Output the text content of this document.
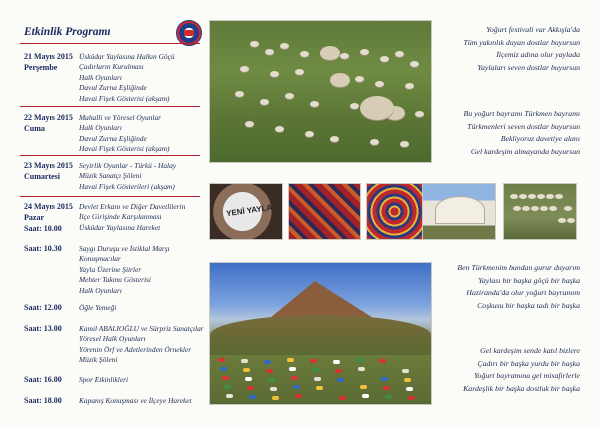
Etkinlik Programı
21 Mayıs 2015
Perşembe
Üsküdar Yaylasına Halkın Göçü
Çadırların Kurulması
Halk Oyunları
Davul Zurna Eşliğinde
Havai Fişek Gösterisi (akşam)
22 Mayıs 2015
Cuma
Mahalli ve Yöresel Oyunlar
Halk Oyunları
Davul Zurna Eşliğinde
Havai Fişek Gösterisi (akşam)
23 Mayıs 2015
Cumartesi
Seyirlik Oyunlar - Türkü - Halay
Müzik Sanatçı Şöleni
Havai Fişek Gösterileri (akşam)
24 Mayıs 2015
Pazar
Devlet Erkanı ve Diğer Davetlilerin
İlçe Girişinde Karşılanması
Saat: 10.00 Üsküdar Yaylasına Hareket
Saat: 10.30 Saygı Duruşu ve İstiklal Marşı
Konuşmacılar
Yayla Üzerine Şiirler
Mehter Takımı Gösterisi
Halk Oyunları
Saat: 12.00 Öğle Yemeği
Saat: 13.00 Kamil ABALIOĞLU ve Sürpriz Sanatçılar
Yöresel Halk Oyunları
Yörenin Örf ve Adetlerinden Örnekler
Müzik Şöleni
Saat: 16.00 Spor Etkinlikleri
Saat: 18.00 Kapanış Konuşması ve İlçeye Hareket
YENİ YAYLA
Yoğurt festivali var Akkışla'da
Tüm yakınlık duyan dostlar buyursun
İlçemiz adına olur yaylada
Yaylaları seven dostlar buyursun
Bu yoğurt bayramı Türkmen bayramı
Türkmenleri seven dostlar buyursun
Bekliyoruz davetiye alanı
Gel kardeşim almayanda buyursun
Ben Türkmenim bundan gurur duyarım
Yaylası bir başka göçü bir başka
Haziranda'da olur yoğurt bayramım
Coşkusu bir başka tadı bir başka
Gel kardeşim sende katıl bizlere
Çadırı bir başka yurdu bir başka
Yoğurt bayramına gel misafirlerle
Kardeşlik bir başka dostluk bir başka
